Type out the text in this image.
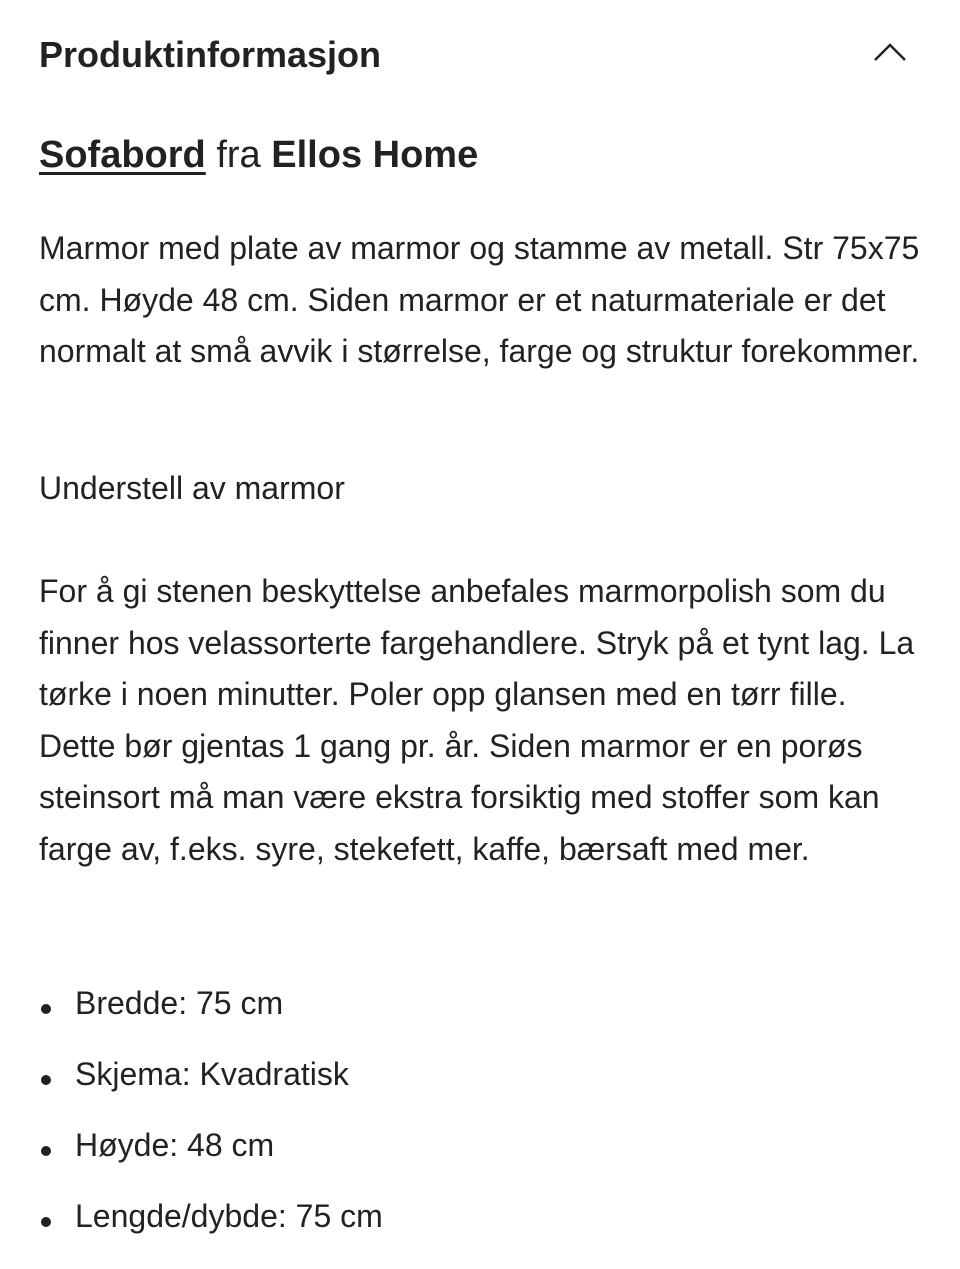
Produktinformasjon
Sofabord fra Ellos Home

Marmor med plate av marmor og stamme av metall. Str 75x75 cm. Høyde 48 cm. Siden marmor er et naturmateriale er det normalt at små avvik i størrelse, farge og struktur forekommer.

Understell av marmor

For å gi stenen beskyttelse anbefales marmorpolish som du finner hos velassorterte fargehandlere. Stryk på et tynt lag. La tørke i noen minutter. Poler opp glansen med en tørr fille. Dette bør gjentas 1 gang pr. år. Siden marmor er en porøs steinsort må man være ekstra forsiktig med stoffer som kan farge av, f.eks. syre, stekefett, kaffe, bærsaft med mer.

Bredde: 75 cm
Skjema: Kvadratisk
Høyde: 48 cm
Lengde/dybde: 75 cm
